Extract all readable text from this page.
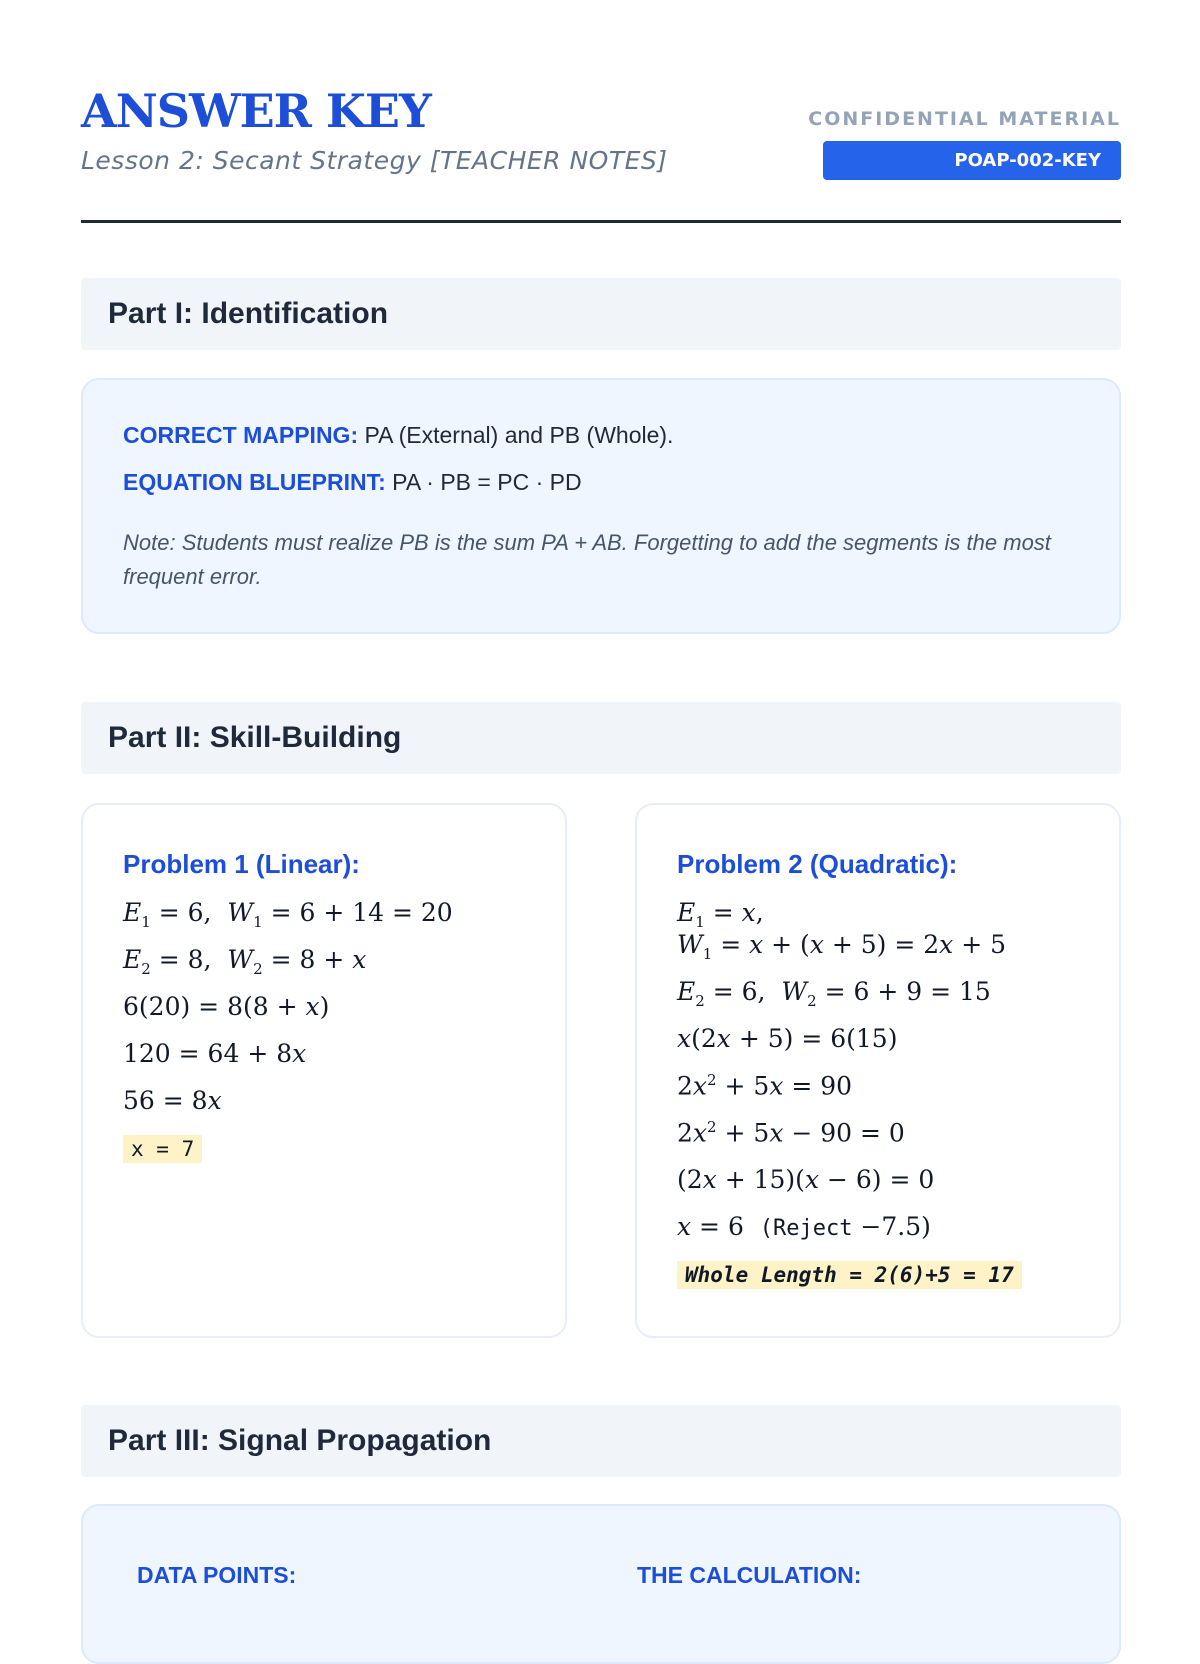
ANSWER KEY

Lesson 2: Secant Strategy [TEACHER NOTES]

CONFIDENTIAL MATERIAL
POAP-002-KEY
Part I: Identification
CORRECT MAPPING: PA (External) and PB (Whole).
EQUATION BLUEPRINT: PA · PB = PC · PD
Note: Students must realize PB is the sum PA + AB. Forgetting to add the segments is the most frequent error.
Part II: Skill-Building
Problem 1 (Linear):

$E_1 = 6$,  $W_1 = 6 + 14 = 20$

$E_2 = 8$,  $W_2 = 8 + x$

6(20) = 8(8 + x)

120 = 64 + 8x

56 = 8x

x = 7
Problem 2 (Quadratic):

$E_1 = x$,

$W_1 = x + (x + 5) = 2x + 5$

$E_2 = 6$,  $W_2 = 6 + 9 = 15$

x(2x + 5) = 6(15)

$2x^2 + 5x = 90$

$2x^2 + 5x - 90 = 0$

(2x + 15)(x − 6) = 0

x = 6  (Reject −7.5)

Whole Length = 2(6)+5 = 17
Part III: Signal Propagation
DATA POINTS:	THE CALCULATION:
